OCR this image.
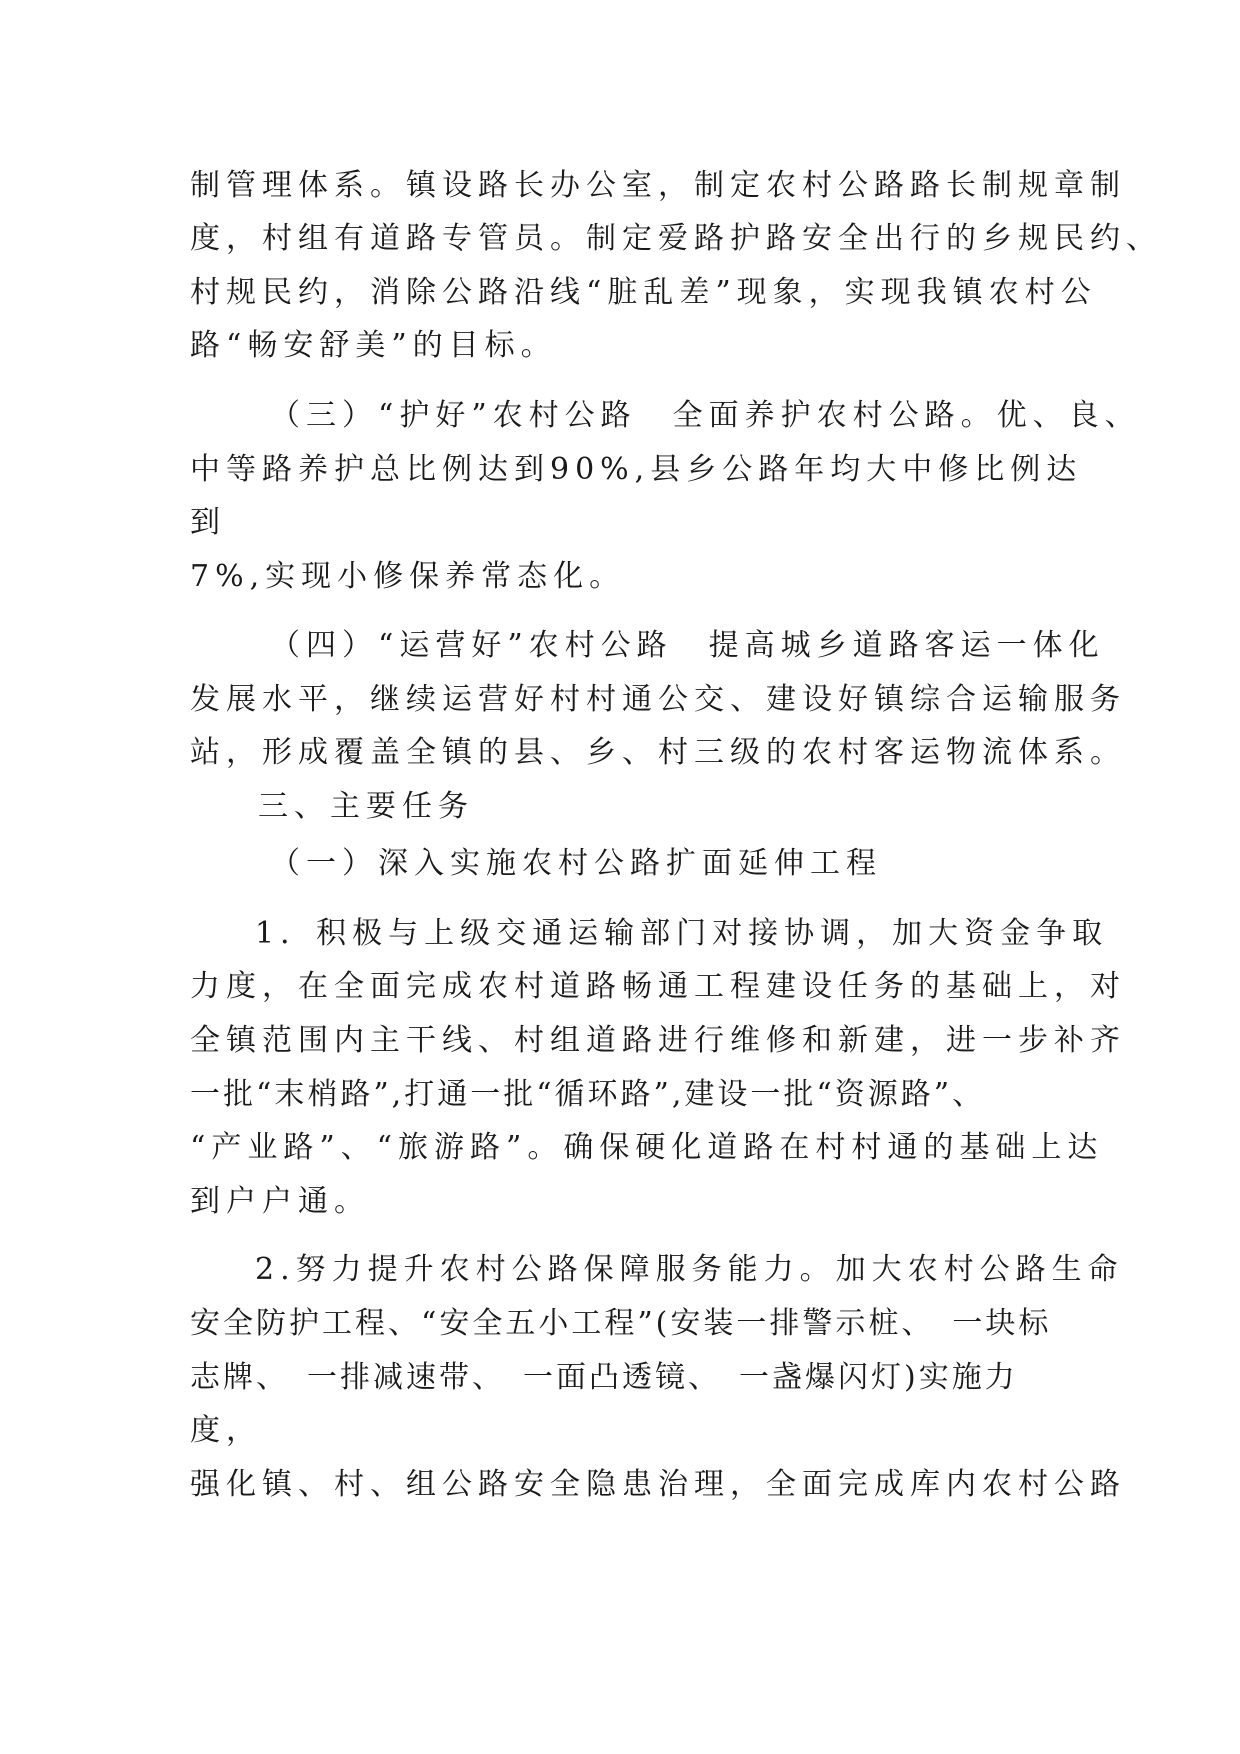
制管理体系。镇设路长办公室，制定农村公路路长制规章制
度，村组有道路专管员。制定爱路护路安全出行的乡规民约、
村规民约，消除公路沿线“脏乱差”现象，实现我镇农村公
路“畅安舒美”的目标。
（三）“护好”农村公路　全面养护农村公路。优、良、
中等路养护总比例达到90%,县乡公路年均大中修比例达
到
7%,实现小修保养常态化。
（四）“运营好”农村公路　提高城乡道路客运一体化
发展水平，继续运营好村村通公交、建设好镇综合运输服务
站，形成覆盖全镇的县、乡、村三级的农村客运物流体系。
三、主要任务
（一）深入实施农村公路扩面延伸工程
1．积极与上级交通运输部门对接协调，加大资金争取
力度，在全面完成农村道路畅通工程建设任务的基础上，对
全镇范围内主干线、村组道路进行维修和新建，进一步补齐
一批“末梢路”,打通一批“循环路”,建设一批“资源路”、
“产业路”、“旅游路”。确保硬化道路在村村通的基础上达
到户户通。
2.努力提升农村公路保障服务能力。加大农村公路生命
安全防护工程、“安全五小工程”(安装一排警示桩、　一块标
志牌、　一排减速带、　一面凸透镜、　一盏爆闪灯)实施力
度，
强化镇、村、组公路安全隐患治理，全面完成库内农村公路
